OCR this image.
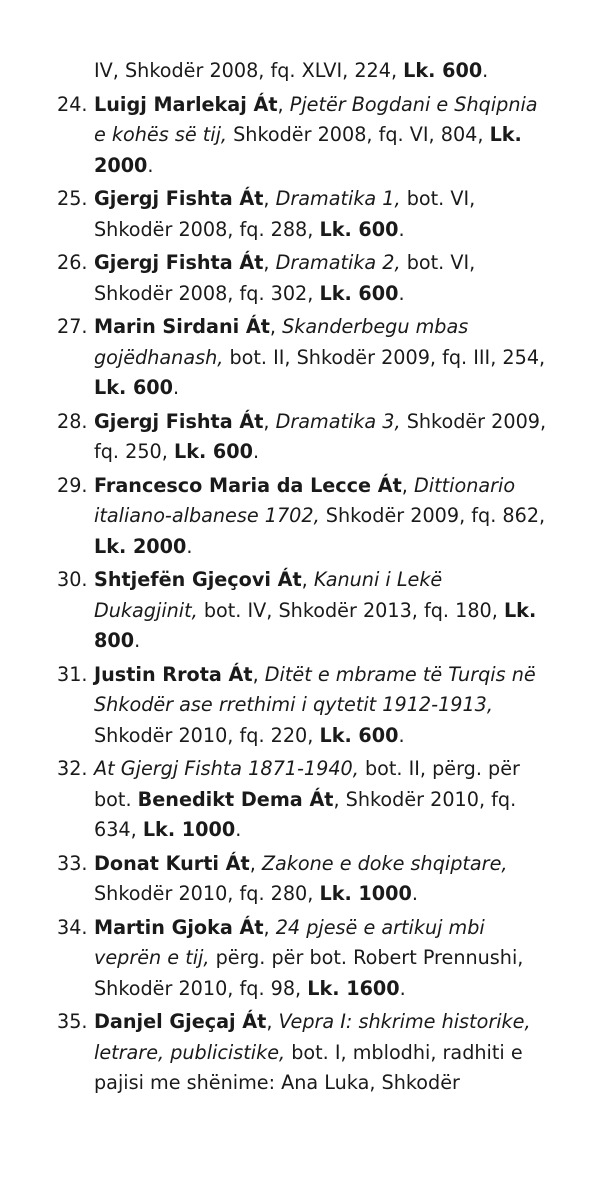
IV, Shkodër 2008, fq. XLVI, 224, Lk. 600.
24. Luigj Marlekaj Át, Pjetër Bogdani e Shqipnia e kohës së tij, Shkodër 2008, fq. VI, 804, Lk. 2000.
25. Gjergj Fishta Át, Dramatika 1, bot. VI, Shkodër 2008, fq. 288, Lk. 600.
26. Gjergj Fishta Át, Dramatika 2, bot. VI, Shkodër 2008, fq. 302, Lk. 600.
27. Marin Sirdani Át, Skanderbegu mbas gojëdhanash, bot. II, Shkodër 2009, fq. III, 254, Lk. 600.
28. Gjergj Fishta Át, Dramatika 3, Shkodër 2009, fq. 250, Lk. 600.
29. Francesco Maria da Lecce Át, Dittionario italiano-albanese 1702, Shkodër 2009, fq. 862, Lk. 2000.
30. Shtjefën Gjeçovi Át, Kanuni i Lekë Dukagjinit, bot. IV, Shkodër 2013, fq. 180, Lk. 800.
31. Justin Rrota Át, Ditët e mbrame të Turqis në Shkodër ase rrethimi i qytetit 1912-1913, Shkodër 2010, fq. 220, Lk. 600.
32. At Gjergj Fishta 1871-1940, bot. II, përg. për bot. Benedikt Dema Át, Shkodër 2010, fq. 634, Lk. 1000.
33. Donat Kurti Át, Zakone e doke shqiptare, Shkodër 2010, fq. 280, Lk. 1000.
34. Martin Gjoka Át, 24 pjesë e artikuj mbi veprën e tij, përg. për bot. Robert Prennushi, Shkodër 2010, fq. 98, Lk. 1600.
35. Danjel Gjeçaj Át, Vepra I: shkrime historike, letrare, publicistike, bot. I, mblodhi, radhiti e pajisi me shënime: Ana Luka, Shkodër
